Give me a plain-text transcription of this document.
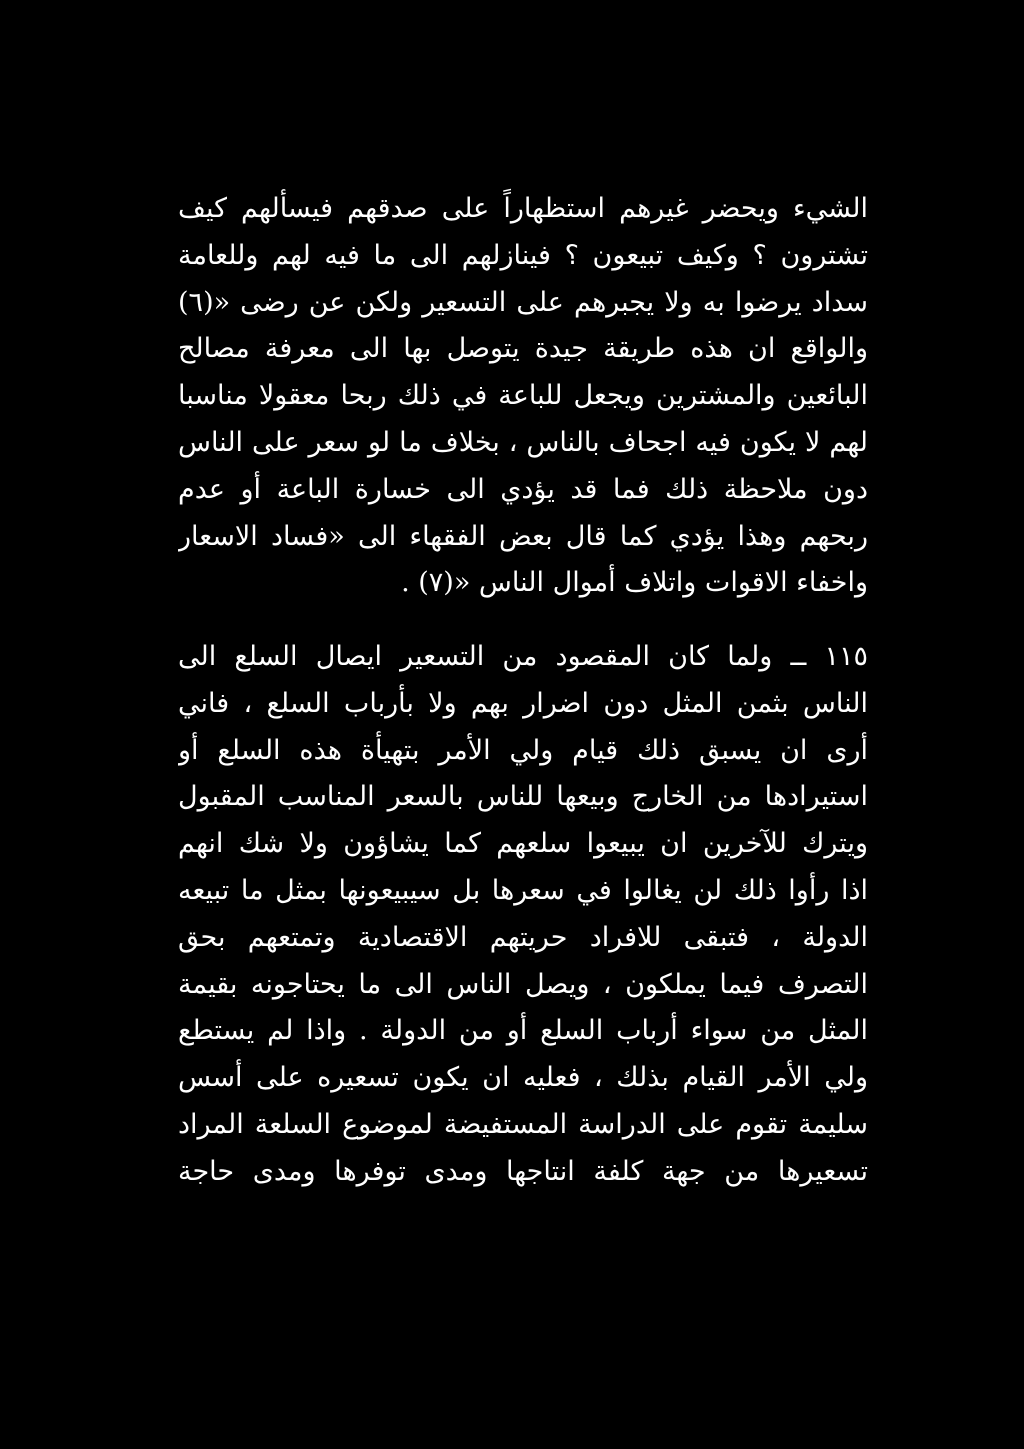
الشيء ويحضر غيرهم استظهاراً على صدقهم فيسألهم كيف
تشترون ؟ وكيف تبيعون ؟ فينازلهم الى ما فيه لهم وللعامة
سداد يرضوا به ولا يجبرهم على التسعير ولكن عن رضى «(٦)
والواقع ان هذه طريقة جيدة يتوصل بها الى معرفة مصالح
البائعين والمشترين ويجعل للباعة في ذلك ربحا معقولا مناسبا
لهم لا يكون فيه اجحاف بالناس ، بخلاف ما لو سعر على الناس
دون ملاحظة ذلك فما قد يؤدي الى خسارة الباعة أو عدم
ربحهم وهذا يؤدي كما قال بعض الفقهاء الى «فساد الاسعار
واخفاء الاقوات واتلاف أموال الناس «(٧) .
١١٥ ــ ولما كان المقصود من التسعير ايصال السلع الى
الناس بثمن المثل دون اضرار بهم ولا بأرباب السلع ، فاني
أرى ان يسبق ذلك قيام ولي الأمر بتهيأة هذه السلع أو
استيرادها من الخارج وبيعها للناس بالسعر المناسب المقبول
ويترك للآخرين ان يبيعوا سلعهم كما يشاؤون ولا شك انهم
اذا رأوا ذلك لن يغالوا في سعرها بل سيبيعونها بمثل ما تبيعه
الدولة ، فتبقى للافراد حريتهم الاقتصادية وتمتعهم بحق
التصرف فيما يملكون ، ويصل الناس الى ما يحتاجونه بقيمة
المثل من سواء أرباب السلع أو من الدولة . واذا لم يستطع
ولي الأمر القيام بذلك ، فعليه ان يكون تسعيره على أسس
سليمة تقوم على الدراسة المستفيضة لموضوع السلعة المراد
تسعيرها من جهة كلفة انتاجها ومدى توفرها ومدى حاجة
